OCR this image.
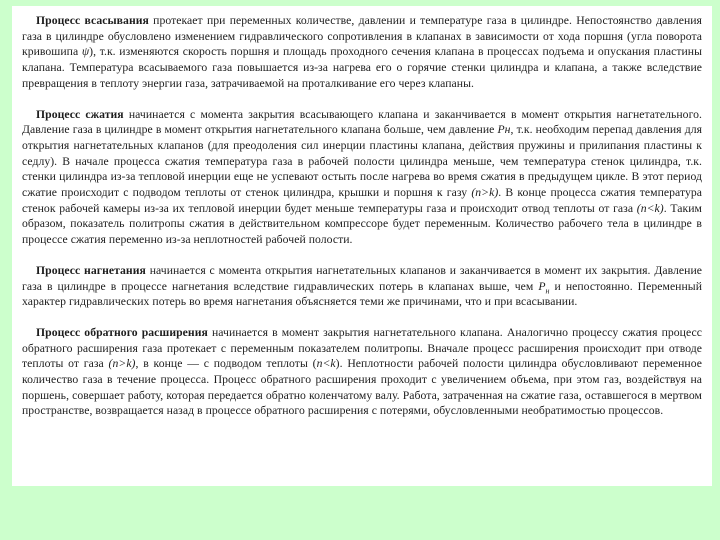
Процесс всасывания протекает при переменных количестве, давлении и температуре газа в цилиндре. Непостоянство давления газа в цилиндре обусловлено изменением гидравлического сопротивления в клапанах в зависимости от хода поршня (угла поворота кривошипа ψ), т.к. изменяются скорость поршня и площадь проходного сечения клапана в процессах подъема и опускания пластины клапана. Температура всасываемого газа повышается из-за нагрева его о горячие стенки цилиндра и клапана, а также вследствие превращения в теплоту энергии газа, затрачиваемой на проталкивание его через клапаны.

Процесс сжатия начинается с момента закрытия всасывающего клапана и заканчивается в момент открытия нагнетательного. Давление газа в цилиндре в момент открытия нагнетательного клапана больше, чем давление Pн, т.к. необходим перепад давления для открытия нагнетательных клапанов (для преодоления сил инерции пластины клапана, действия пружины и прилипания пластины к седлу). В начале процесса сжатия температура газа в рабочей полости цилиндра меньше, чем температура стенок цилиндра, т.к. стенки цилиндра из-за тепловой инерции еще не успевают остыть после нагрева во время сжатия в предыдущем цикле. В этот период сжатие происходит с подводом теплоты от стенок цилиндра, крышки и поршня к газу (n>k). В конце процесса сжатия температура стенок рабочей камеры из-за их тепловой инерции будет меньше температуры газа и происходит отвод теплоты от газа (n<k). Таким образом, показатель политропы сжатия в действительном компрессоре будет переменным. Количество рабочего тела в цилиндре в процессе сжатия переменно из-за неплотностей рабочей полости.

Процесс нагнетания начинается с момента открытия нагнетательных клапанов и заканчивается в момент их закрытия. Давление газа в цилиндре в процессе нагнетания вследствие гидравлических потерь в клапанах выше, чем $P_н$ и непостоянно. Переменный характер гидравлических потерь во время нагнетания объясняется теми же причинами, что и при всасывании.

Процесс обратного расширения начинается в момент закрытия нагнетательного клапана. Аналогично процессу сжатия процесс обратного расширения газа протекает с переменным показателем политропы. Вначале процесс расширения происходит при отводе теплоты от газа (n>k), в конце — с подводом теплоты (n<k). Неплотности рабочей полости цилиндра обусловливают переменное количество газа в течение процесса. Процесс обратного расширения проходит с увеличением объема, при этом газ, воздействуя на поршень, совершает работу, которая передается обратно коленчатому валу. Работа, затраченная на сжатие газа, оставшегося в мертвом пространстве, возвращается назад в процессе обратного расширения с потерями, обусловленными необратимостью процессов.
